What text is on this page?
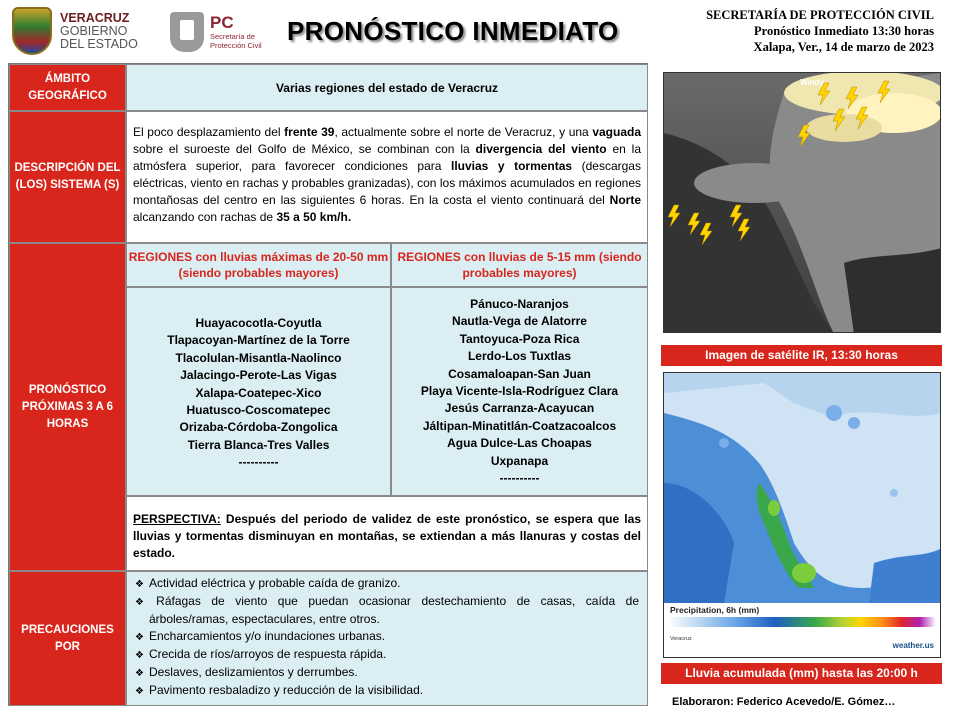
VERACRUZ
GOBIERNO
DEL ESTADO
PC
Secretaría de
Protección Civil PRONÓSTICO INMEDIATO
SECRETARÍA DE PROTECCIÓN CIVIL
Pronóstico Inmediato 13:30 horas
Xalapa, Ver., 14 de marzo de 2023
ÁMBITO GEOGRÁFICO
Varias regiones del estado de Veracruz
DESCRIPCIÓN DEL (LOS) SISTEMA (S)
El poco desplazamiento del frente 39, actualmente sobre el norte de Veracruz, y una vaguada sobre el suroeste del Golfo de México, se combinan con la divergencia del viento en la atmósfera superior, para favorecer condiciones para lluvias y tormentas (descargas eléctricas, viento en rachas y probables granizadas), con los máximos acumulados en regiones montañosas del centro en las siguientes 6 horas. En la costa el viento continuará del Norte alcanzando con rachas de 35 a 50 km/h.
PRONÓSTICO PRÓXIMAS 3 A 6 HORAS
REGIONES con lluvias máximas de 20-50 mm (siendo probables mayores)
REGIONES con lluvias de 5-15 mm (siendo probables mayores)
Huayacocotla-Coyutla
Tlapacoyan-Martínez de la Torre
Tlacolulan-Misantla-Naolinco
Jalacingo-Perote-Las Vigas
Xalapa-Coatepec-Xico
Huatusco-Coscomatepec
Orizaba-Córdoba-Zongolica
Tierra Blanca-Tres Valles
----------
Pánuco-Naranjos
Nautla-Vega de Alatorre
Tantoyuca-Poza Rica
Lerdo-Los Tuxtlas
Cosamaloapan-San Juan
Playa Vicente-Isla-Rodríguez Clara
Jesús Carranza-Acayucan
Jáltipan-Minatitlán-Coatzacoalcos
Agua Dulce-Las Choapas
Uxpanapa
----------
PERSPECTIVA: Después del periodo de validez de este pronóstico, se espera que las lluvias y tormentas disminuyan en montañas, se extiendan a más llanuras y costas del estado.
PRECAUCIONES POR
❖ Actividad eléctrica y probable caída de granizo.
❖ Ráfagas de viento que puedan ocasionar destechamiento de casas, caída de árboles/ramas, espectaculares, entre otros.
❖ Encharcamientos y/o inundaciones urbanas.
❖ Crecida de ríos/arroyos de respuesta rápida.
❖ Deslaves, deslizamientos y derrumbes.
❖ Pavimento resbaladizo y reducción de la visibilidad.
Windy
Imagen de satélite IR, 13:30 horas
Precipitation, 6h (mm)
Veracruz
weather.us
Lluvia acumulada (mm) hasta las 20:00 h
Elaboraron: Federico Acevedo/E. Gómez…
